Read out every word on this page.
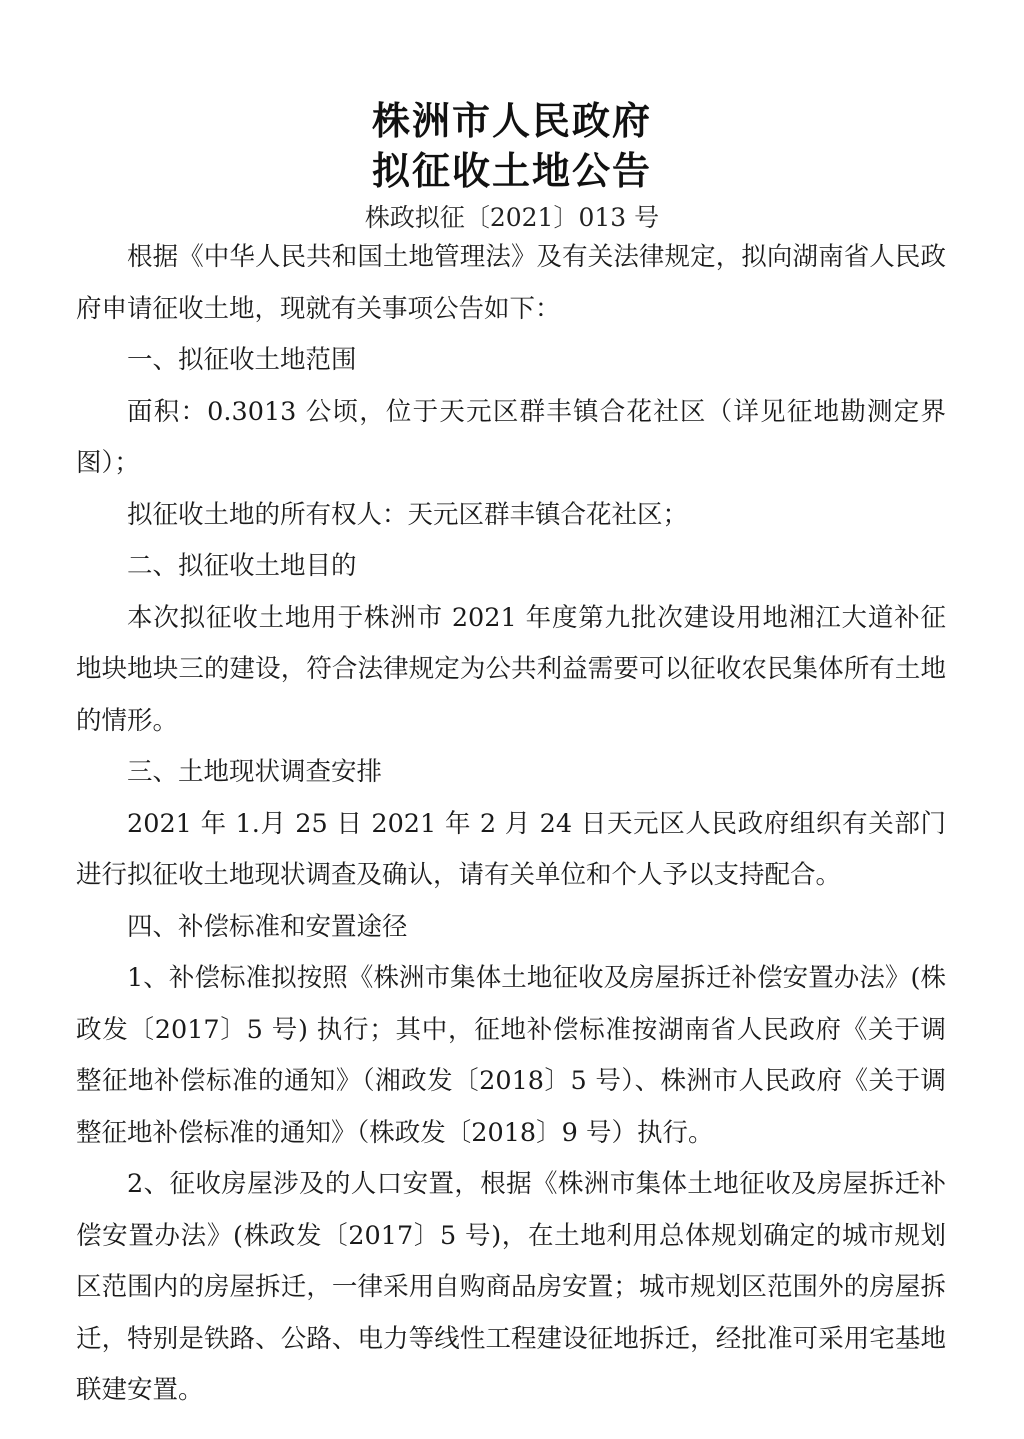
株洲市人民政府
拟征收土地公告
株政拟征〔2021〕013 号

根据《中华人民共和国土地管理法》及有关法律规定，拟向湖南省人民政府申请征收土地，现就有关事项公告如下：

一、拟征收土地范围

面积：0.3013 公顷，位于天元区群丰镇合花社区（详见征地勘测定界图）；

拟征收土地的所有权人：天元区群丰镇合花社区；

二、拟征收土地目的

本次拟征收土地用于株洲市 2021 年度第九批次建设用地湘江大道补征地块地块三的建设，符合法律规定为公共利益需要可以征收农民集体所有土地的情形。

三、土地现状调查安排

2021 年 1.月 25 日 2021 年 2 月 24 日天元区人民政府组织有关部门进行拟征收土地现状调查及确认，请有关单位和个人予以支持配合。

四、补偿标准和安置途径

1、补偿标准拟按照《株洲市集体土地征收及房屋拆迁补偿安置办法》(株政发〔2017〕5 号) 执行；其中，征地补偿标准按湖南省人民政府《关于调整征地补偿标准的通知》（湘政发〔2018〕5 号）、株洲市人民政府《关于调整征地补偿标准的通知》（株政发〔2018〕9 号）执行。

2、征收房屋涉及的人口安置，根据《株洲市集体土地征收及房屋拆迁补偿安置办法》(株政发〔2017〕5 号)，在土地利用总体规划确定的城市规划区范围内的房屋拆迁，一律采用自购商品房安置；城市规划区范围外的房屋拆迁，特别是铁路、公路、电力等线性工程建设征地拆迁，经批准可采用宅基地联建安置。
